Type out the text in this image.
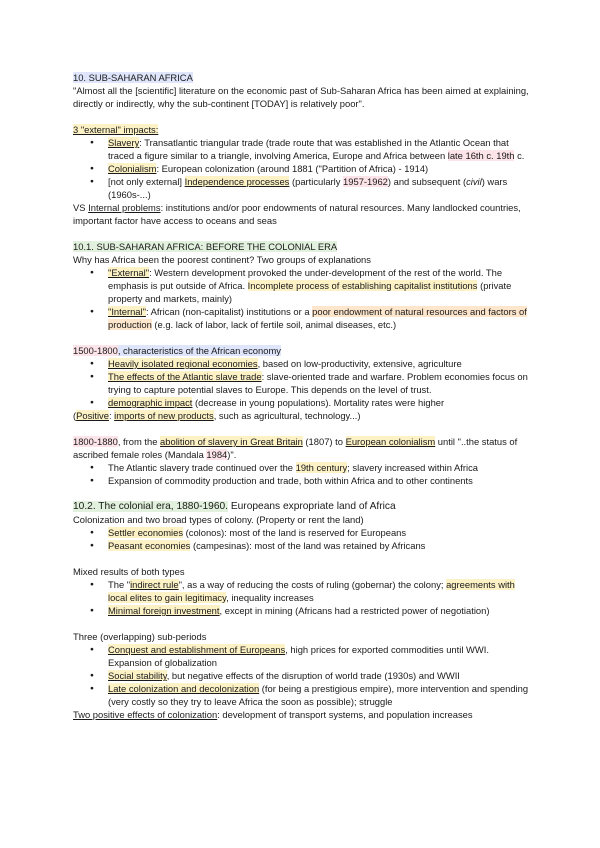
10. SUB-SAHARAN AFRICA

"Almost all the [scientific] literature on the economic past of Sub-Saharan Africa has been aimed at explaining, directly or indirectly, why the sub-continent [TODAY] is relatively poor".

3 "external" impacts:

● Slavery: Transatlantic triangular trade (trade route that was established in the Atlantic Ocean that traced a figure similar to a triangle, involving America, Europe and Africa between late 16th c. 19th c.
● Colonialism: European colonization (around 1881 ("Partition of Africa) - 1914)
● [not only external] Independence processes (particularly 1957-1962) and subsequent (civil) wars (1960s-...)

VS Internal problems: institutions and/or poor endowments of natural resources. Many landlocked countries, important factor have access to oceans and seas

10.1. SUB-SAHARAN AFRICA: BEFORE THE COLONIAL ERA

Why has Africa been the poorest continent? Two groups of explanations

● "External": Western development provoked the under-development of the rest of the world. The emphasis is put outside of Africa. Incomplete process of establishing capitalist institutions (private property and markets, mainly)
● "Internal": African (non-capitalist) institutions or a poor endowment of natural resources and factors of production (e.g. lack of labor, lack of fertile soil, animal diseases, etc.)

1500-1800, characteristics of the African economy

● Heavily isolated regional economies, based on low-productivity, extensive, agriculture
● The effects of the Atlantic slave trade: slave-oriented trade and warfare. Problem economies focus on trying to capture potential slaves to Europe. This depends on the level of trust.
● demographic impact (decrease in young populations). Mortality rates were higher

(Positive: imports of new products, such as agricultural, technology...)

1800-1880, from the abolition of slavery in Great Britain (1807) to European colonialism until "..the status of ascribed female roles (Mandala 1984)".

● The Atlantic slavery trade continued over the 19th century; slavery increased within Africa
● Expansion of commodity production and trade, both within Africa and to other continents

10.2. The colonial era, 1880-1960. Europeans expropriate land of Africa

Colonization and two broad types of colony. (Property or rent the land)

● Settler economies (colonos): most of the land is reserved for Europeans
● Peasant economies (campesinas): most of the land was retained by Africans

Mixed results of both types

● The "indirect rule", as a way of reducing the costs of ruling (gobernar) the colony; agreements with local elites to gain legitimacy, inequality increases
● Minimal foreign investment, except in mining (Africans had a restricted power of negotiation)

Three (overlapping) sub-periods

● Conquest and establishment of Europeans, high prices for exported commodities until WWI. Expansion of globalization
● Social stability, but negative effects of the disruption of world trade (1930s) and WWII
● Late colonization and decolonization (for being a prestigious empire), more intervention and spending (very costly so they try to leave Africa the soon as possible); struggle

Two positive effects of colonization: development of transport systems, and population increases
